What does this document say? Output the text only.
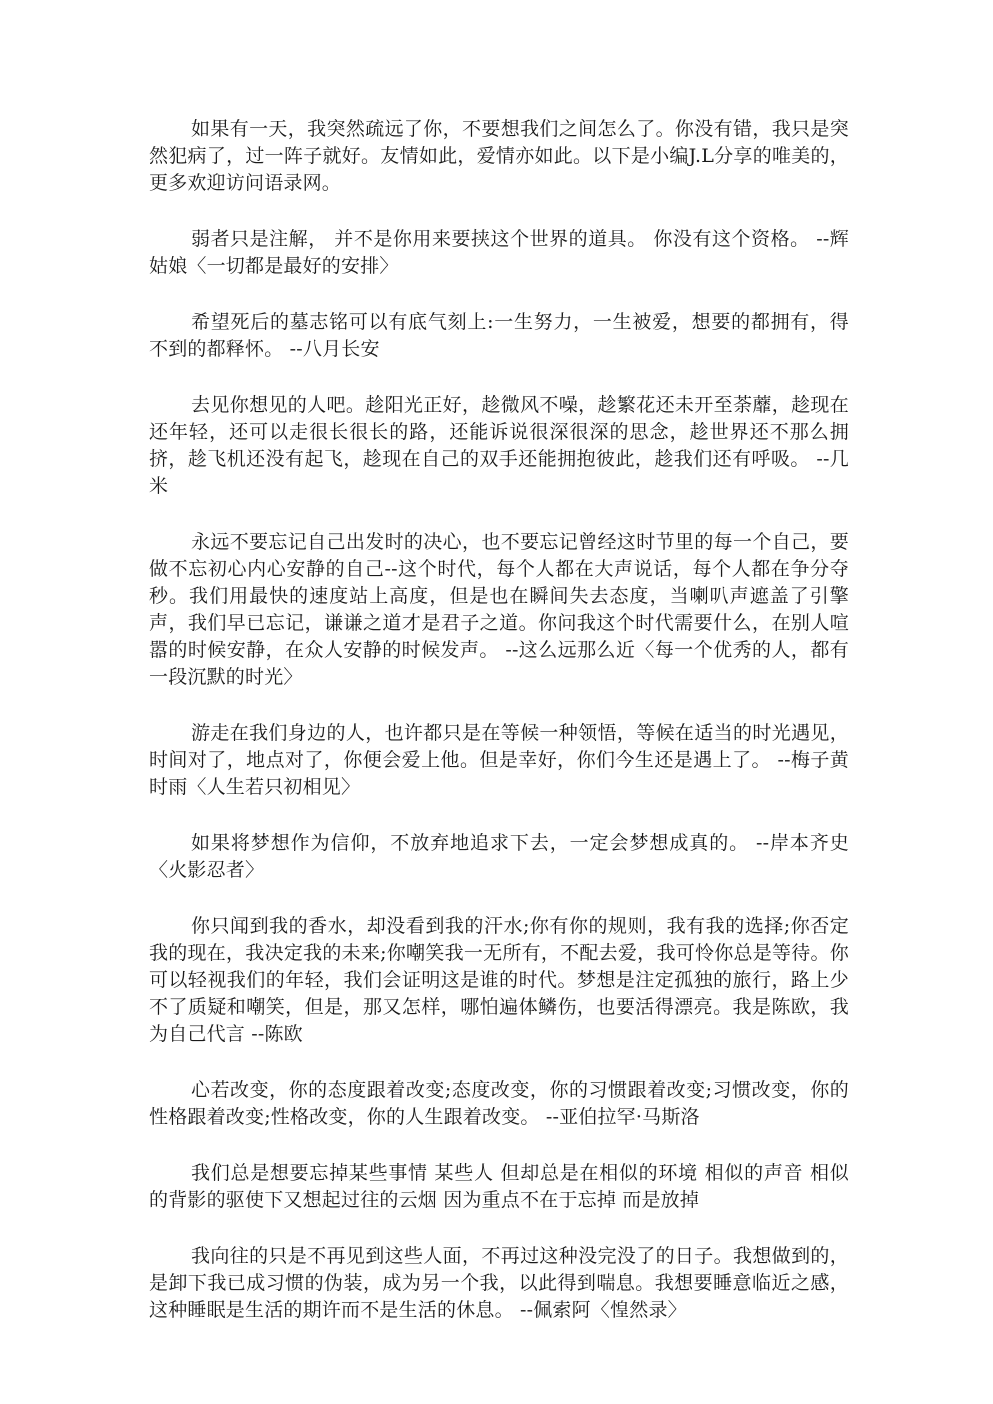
如果有一天，我突然疏远了你，不要想我们之间怎么了。你没有错，我只是突然犯病了，过一阵子就好。友情如此，爱情亦如此。以下是小编J.L分享的唯美的，更多欢迎访问语录网。

弱者只是注解， 并不是你用来要挟这个世界的道具。 你没有这个资格。 --辉姑娘〈一切都是最好的安排〉

希望死后的墓志铭可以有底气刻上:一生努力，一生被爱，想要的都拥有，得不到的都释怀。 --八月长安

去见你想见的人吧。趁阳光正好，趁微风不噪，趁繁花还未开至荼蘼，趁现在还年轻，还可以走很长很长的路，还能诉说很深很深的思念，趁世界还不那么拥挤，趁飞机还没有起飞，趁现在自己的双手还能拥抱彼此，趁我们还有呼吸。 --几米

永远不要忘记自己出发时的决心，也不要忘记曾经这时节里的每一个自己，要做不忘初心内心安静的自己--这个时代，每个人都在大声说话，每个人都在争分夺秒。我们用最快的速度站上高度，但是也在瞬间失去态度，当喇叭声遮盖了引擎声，我们早已忘记，谦谦之道才是君子之道。你问我这个时代需要什么，在别人喧嚣的时候安静，在众人安静的时候发声。 --这么远那么近〈每一个优秀的人，都有一段沉默的时光〉

游走在我们身边的人，也许都只是在等候一种领悟，等候在适当的时光遇见，时间对了，地点对了，你便会爱上他。但是幸好，你们今生还是遇上了。 --梅子黄时雨〈人生若只初相见〉

如果将梦想作为信仰，不放弃地追求下去，一定会梦想成真的。 --岸本齐史〈火影忍者〉

你只闻到我的香水，却没看到我的汗水;你有你的规则，我有我的选择;你否定我的现在，我决定我的未来;你嘲笑我一无所有，不配去爱，我可怜你总是等待。你可以轻视我们的年轻，我们会证明这是谁的时代。梦想是注定孤独的旅行，路上少不了质疑和嘲笑，但是，那又怎样，哪怕遍体鳞伤，也要活得漂亮。我是陈欧，我为自己代言 --陈欧

心若改变，你的态度跟着改变;态度改变，你的习惯跟着改变;习惯改变，你的性格跟着改变;性格改变，你的人生跟着改变。 --亚伯拉罕·马斯洛

我们总是想要忘掉某些事情 某些人 但却总是在相似的环境 相似的声音 相似的背影的驱使下又想起过往的云烟 因为重点不在于忘掉 而是放掉

我向往的只是不再见到这些人面，不再过这种没完没了的日子。我想做到的，是卸下我已成习惯的伪装，成为另一个我，以此得到喘息。我想要睡意临近之感，这种睡眠是生活的期许而不是生活的休息。 --佩索阿〈惶然录〉
